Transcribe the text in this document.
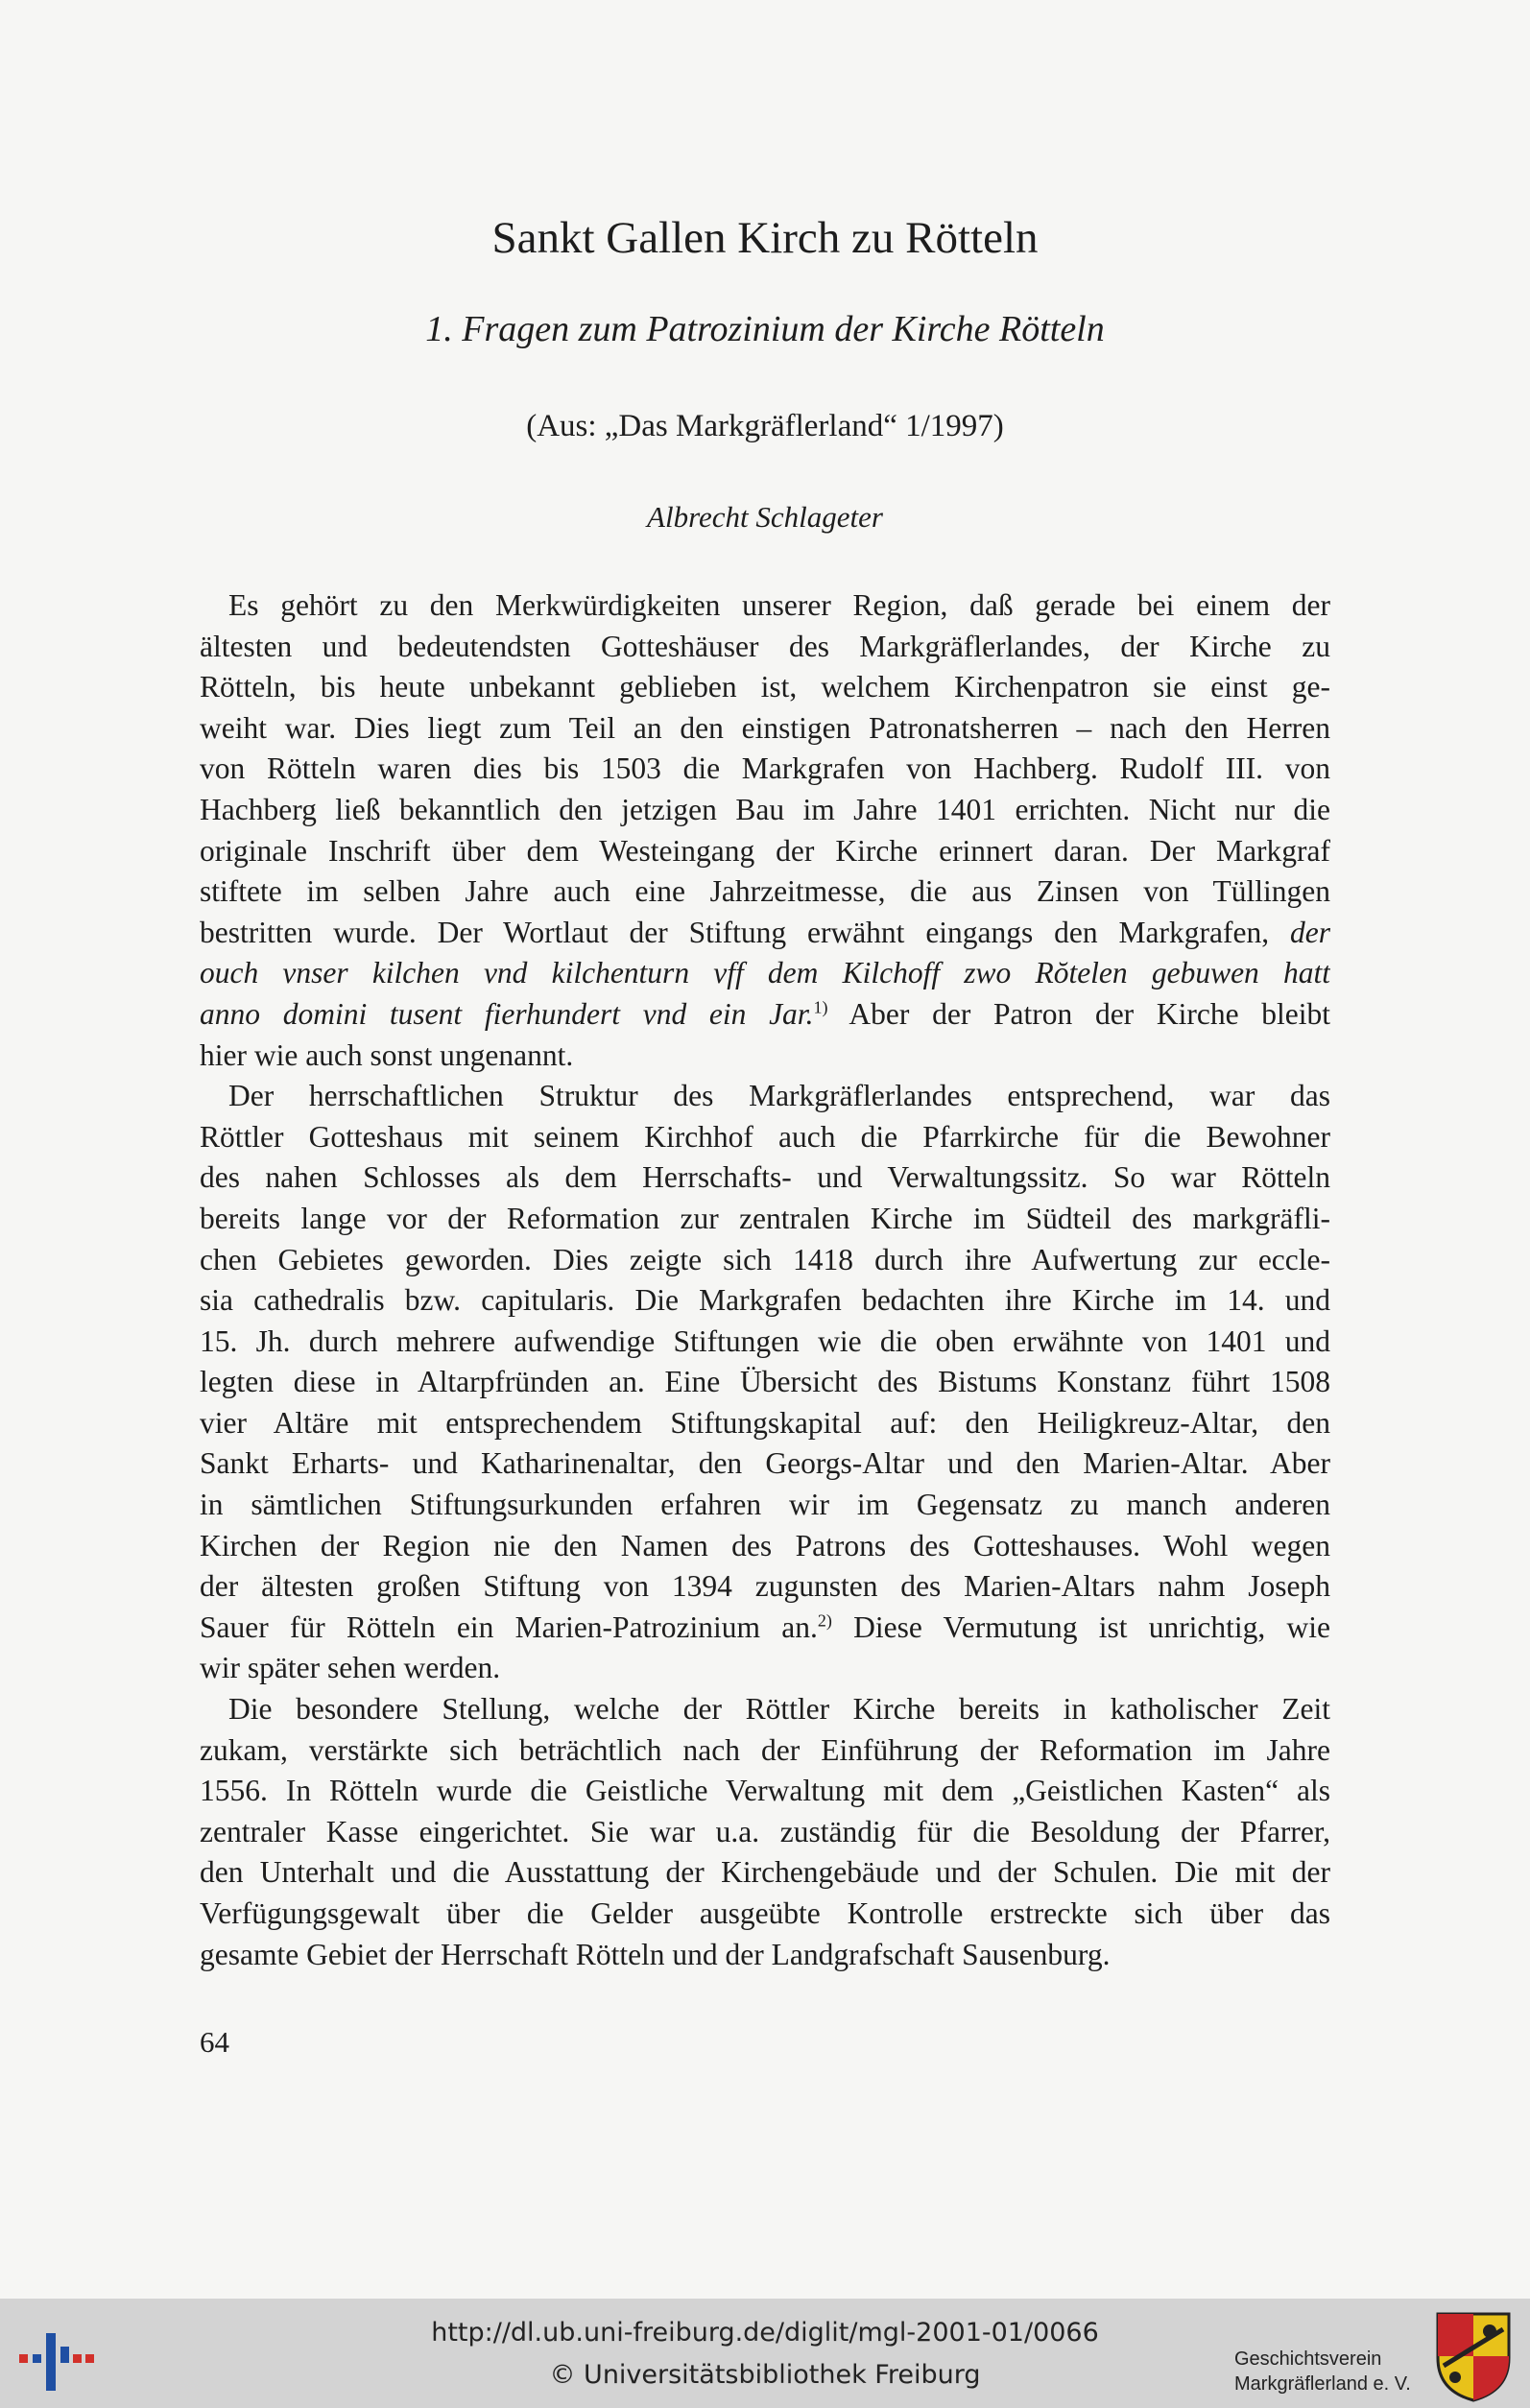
Sankt Gallen Kirch zu Rötteln
1. Fragen zum Patrozinium der Kirche Rötteln
(Aus: „Das Markgräflerland“ 1/1997)
Albrecht Schlageter
Es gehört zu den Merkwürdigkeiten unserer Region, daß gerade bei einem der
ältesten und bedeutendsten Gotteshäuser des Markgräflerlandes, der Kirche zu
Rötteln, bis heute unbekannt geblieben ist, welchem Kirchenpatron sie einst ge-
weiht war. Dies liegt zum Teil an den einstigen Patronatsherren – nach den Herren
von Rötteln waren dies bis 1503 die Markgrafen von Hachberg. Rudolf III. von
Hachberg ließ bekanntlich den jetzigen Bau im Jahre 1401 errichten. Nicht nur die
originale Inschrift über dem Westeingang der Kirche erinnert daran. Der Markgraf
stiftete im selben Jahre auch eine Jahrzeitmesse, die aus Zinsen von Tüllingen
bestritten wurde. Der Wortlaut der Stiftung erwähnt eingangs den Markgrafen, der
ouch vnser kilchen vnd kilchenturn vff dem Kilchoff zwo Rŏtelen gebuwen hatt
anno domini tusent fierhundert vnd ein Jar.$^{1)}$ Aber der Patron der Kirche bleibt
hier wie auch sonst ungenannt.
Der herrschaftlichen Struktur des Markgräflerlandes entsprechend, war das
Röttler Gotteshaus mit seinem Kirchhof auch die Pfarrkirche für die Bewohner
des nahen Schlosses als dem Herrschafts- und Verwaltungssitz. So war Rötteln
bereits lange vor der Reformation zur zentralen Kirche im Südteil des markgräfli-
chen Gebietes geworden. Dies zeigte sich 1418 durch ihre Aufwertung zur eccle-
sia cathedralis bzw. capitularis. Die Markgrafen bedachten ihre Kirche im 14. und
15. Jh. durch mehrere aufwendige Stiftungen wie die oben erwähnte von 1401 und
legten diese in Altarpfründen an. Eine Übersicht des Bistums Konstanz führt 1508
vier Altäre mit entsprechendem Stiftungskapital auf: den Heiligkreuz-Altar, den
Sankt Erharts- und Katharinenaltar, den Georgs-Altar und den Marien-Altar. Aber
in sämtlichen Stiftungsurkunden erfahren wir im Gegensatz zu manch anderen
Kirchen der Region nie den Namen des Patrons des Gotteshauses. Wohl wegen
der ältesten großen Stiftung von 1394 zugunsten des Marien-Altars nahm Joseph
Sauer für Rötteln ein Marien-Patrozinium an.$^{2)}$ Diese Vermutung ist unrichtig, wie
wir später sehen werden.
Die besondere Stellung, welche der Röttler Kirche bereits in katholischer Zeit
zukam, verstärkte sich beträchtlich nach der Einführung der Reformation im Jahre
1556. In Rötteln wurde die Geistliche Verwaltung mit dem „Geistlichen Kasten“ als
zentraler Kasse eingerichtet. Sie war u.a. zuständig für die Besoldung der Pfarrer,
den Unterhalt und die Ausstattung der Kirchengebäude und der Schulen. Die mit der
Verfügungsgewalt über die Gelder ausgeübte Kontrolle erstreckte sich über das
gesamte Gebiet der Herrschaft Rötteln und der Landgrafschaft Sausenburg.
64
http://dl.ub.uni-freiburg.de/diglit/mgl-2001-01/0066
© Universitätsbibliothek Freiburg
Geschichtsverein
Markgräflerland e. V.
